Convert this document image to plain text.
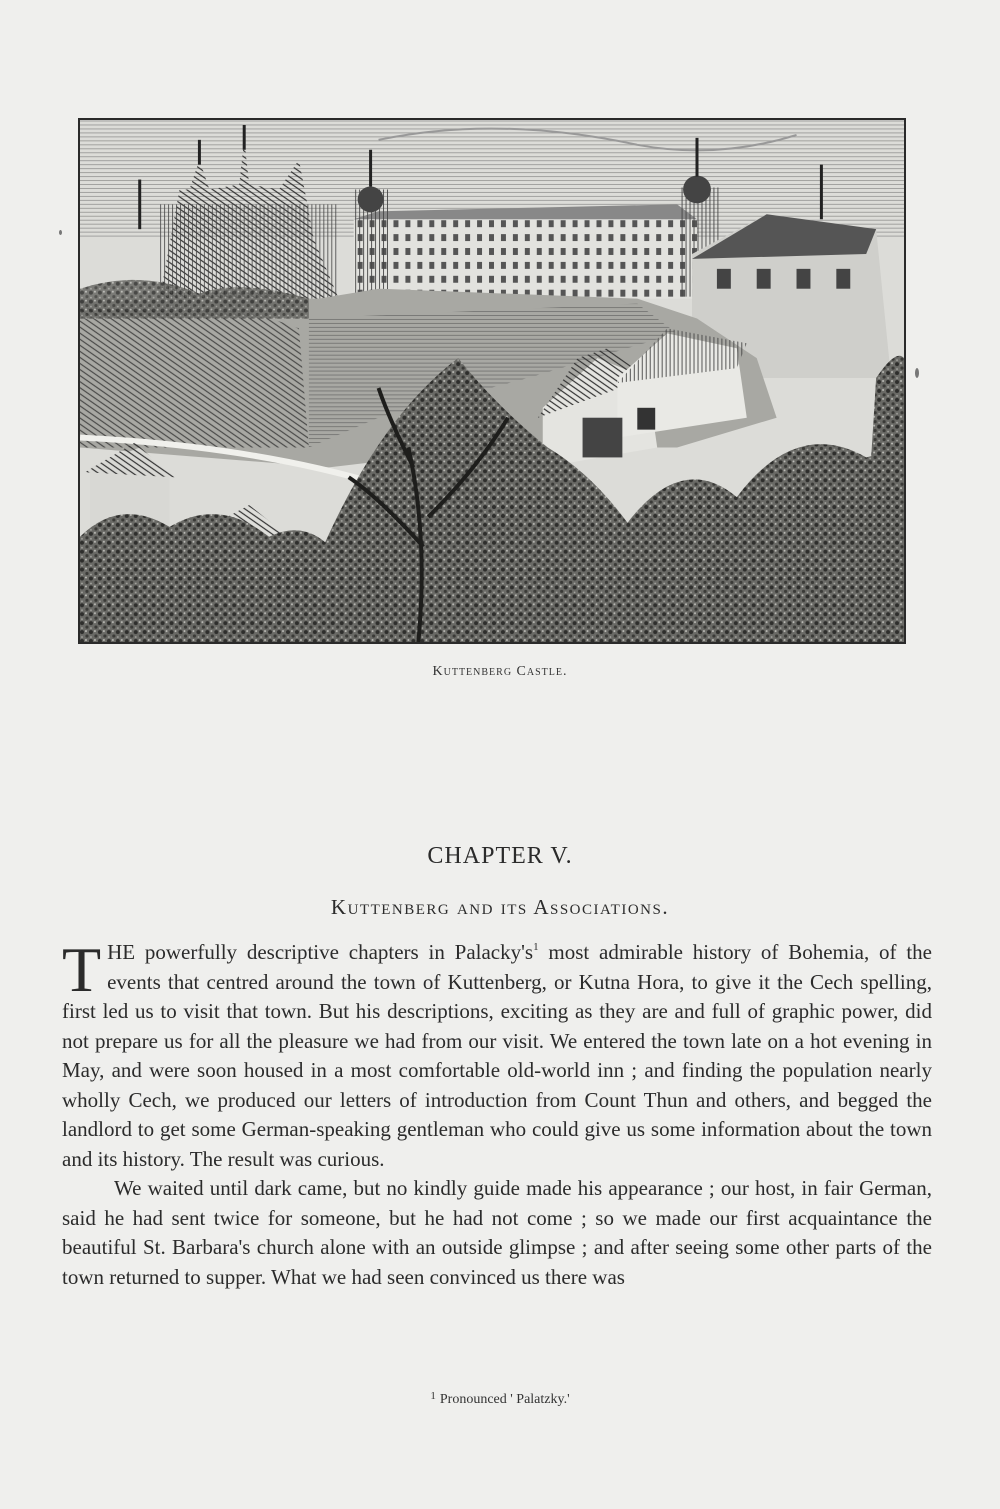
Kuttenberg Castle.
CHAPTER V.
Kuttenberg and its Associations.

THE powerfully descriptive chapters in $Palacky's^1$ most admirable history of Bohemia, of the events that centred around the town of Kuttenberg, or Kutna Hora, to give it the Cech spelling, first led us to visit that town. But his descriptions, exciting as they are and full of graphic power, did not prepare us for all the pleasure we had from our visit. We entered the town late on a hot evening in May, and were soon housed in a most comfortable old-world inn ; and finding the population nearly wholly Cech, we produced our letters of introduction from Count Thun and others, and begged the landlord to get some German-speaking gentleman who could give us some information about the town and its history. The result was curious.

We waited until dark came, but no kindly guide made his appearance ; our host, in fair German, said he had sent twice for someone, but he had not come ; so we made our first acquaintance the beautiful St. Barbara's church alone with an outside glimpse ; and after seeing some other parts of the town returned to supper. What we had seen convinced us there was

$^1$ Pronounced ' Palatzky.'
